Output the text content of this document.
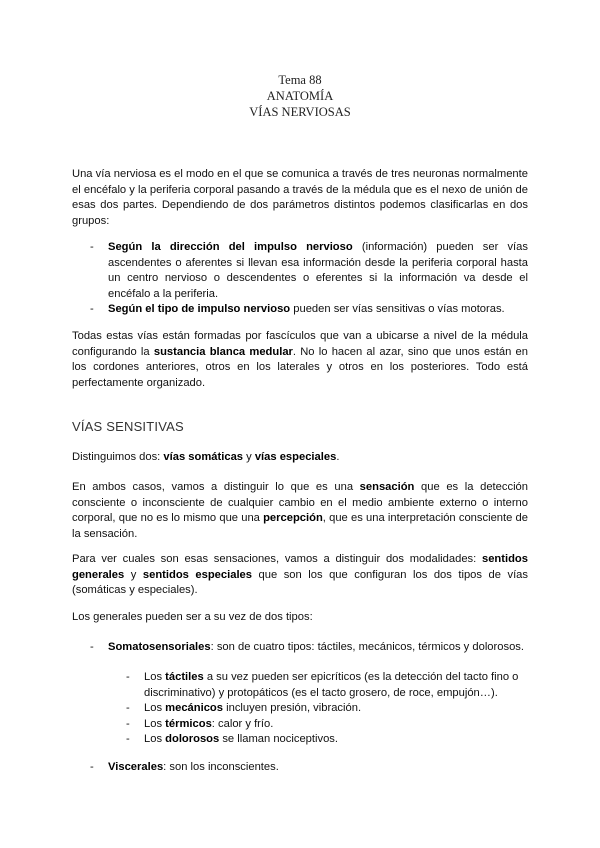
Tema 88
ANATOMÍA
VÍAS NERVIOSAS

Una vía nerviosa es el modo en el que se comunica a través de tres neuronas normalmente el encéfalo y la periferia corporal pasando a través de la médula que es el nexo de unión de esas dos partes. Dependiendo de dos parámetros distintos podemos clasificarlas en dos grupos:

- Según la dirección del impulso nervioso (información) pueden ser vías ascendentes o aferentes si llevan esa información desde la periferia corporal hasta un centro nervioso o descendentes o eferentes si la información va desde el encéfalo a la periferia.
- Según el tipo de impulso nervioso pueden ser vías sensitivas o vías motoras.

Todas estas vías están formadas por fascículos que van a ubicarse a nivel de la médula configurando la sustancia blanca medular. No lo hacen al azar, sino que unos están en los cordones anteriores, otros en los laterales y otros en los posteriores. Todo está perfectamente organizado.

VÍAS SENSITIVAS

Distinguimos dos: vías somáticas y vías especiales.

En ambos casos, vamos a distinguir lo que es una sensación que es la detección consciente o inconsciente de cualquier cambio en el medio ambiente externo o interno corporal, que no es lo mismo que una percepción, que es una interpretación consciente de la sensación.

Para ver cuales son esas sensaciones, vamos a distinguir dos modalidades: sentidos generales y sentidos especiales que son los que configuran los dos tipos de vías (somáticas y especiales).

Los generales pueden ser a su vez de dos tipos:

- Somatosensoriales: son de cuatro tipos: táctiles, mecánicos, térmicos y dolorosos.
- Los táctiles a su vez pueden ser epicríticos (es la detección del tacto fino o discriminativo) y protopáticos (es el tacto grosero, de roce, empujón…).
- Los mecánicos incluyen presión, vibración.
- Los térmicos: calor y frío.
- Los dolorosos se llaman nociceptivos.
- Viscerales: son los inconscientes.
